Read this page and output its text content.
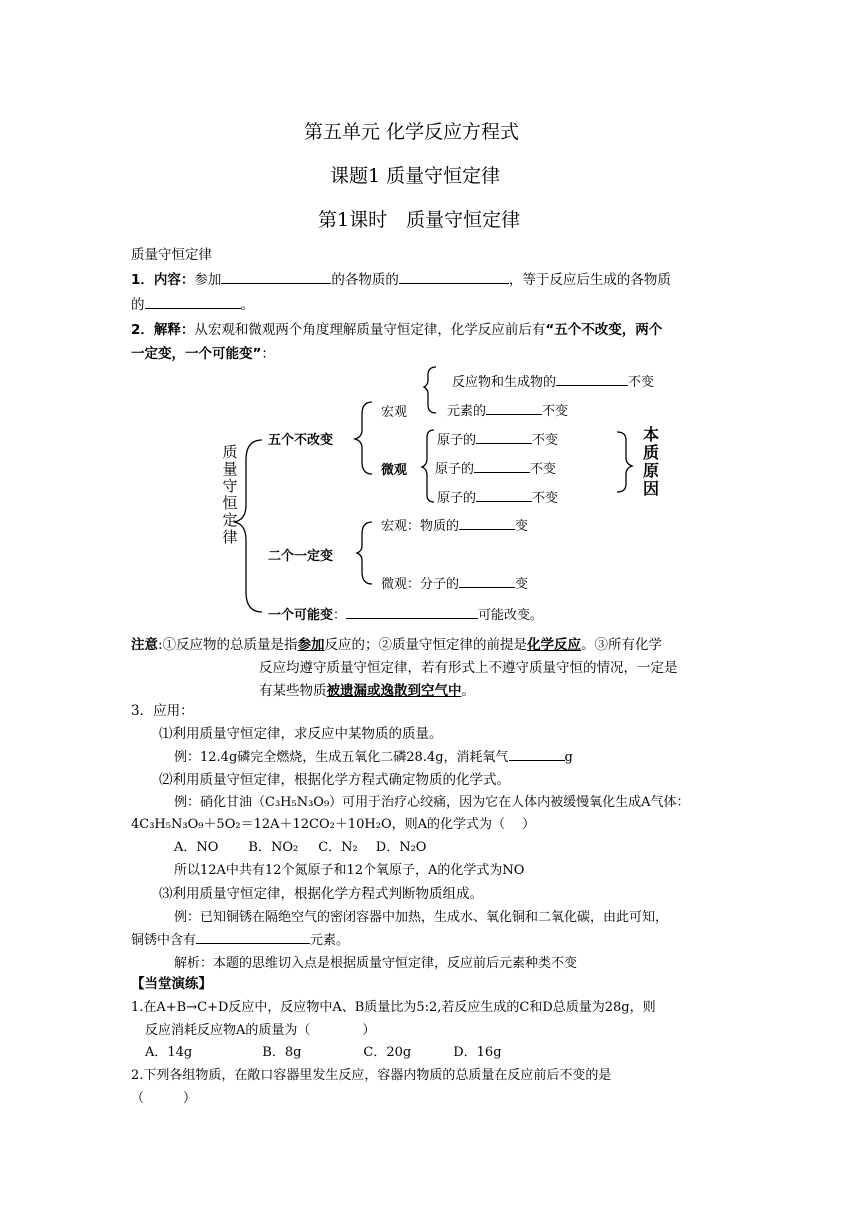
第五单元 化学反应方程式
课题1 质量守恒定律
第1课时　质量守恒定律
质量守恒定律
1．内容：参加	的各物质的	，等于反应后生成的各物质
的	。
2．解释：从宏观和微观两个角度理解质量守恒定律，化学反应前后有“五个不改变，两个
一定变，一个可能变”：
质
量
守
恒
定
律
五个不改变
宏观
微观
反应物和生成物的	不变
元素的	不变
原子的	不变
原子的	不变
原子的	不变
本
质
原
因
二个一定变
宏观：物质的	变
微观：分子的	变
一个可能变：	可能改变。
注意:①反应物的总质量是指参加反应的；②质量守恒定律的前提是化学反应。③所有化学
反应均遵守质量守恒定律，若有形式上不遵守质量守恒的情况，一定是
有某些物质被遗漏或逸散到空气中。
3．应用：
⑴利用质量守恒定律，求反应中某物质的质量。
例：12.4g磷完全燃烧，生成五氧化二磷28.4g，消耗氧气	g
⑵利用质量守恒定律，根据化学方程式确定物质的化学式。
例：硝化甘油（C₃H₅N₃O₉）可用于治疗心绞痛，因为它在人体内被缓慢氧化生成A气体：
4C₃H₅N₃O₉＋5O₂＝12A＋12CO₂＋10H₂O，则A的化学式为（　 ）
A．NO B．NO₂ C．N₂ D．N₂O
所以12A中共有12个氮原子和12个氧原子，A的化学式为NO
⑶利用质量守恒定律，根据化学方程式判断物质组成。
例：已知铜锈在隔绝空气的密闭容器中加热，生成水、氧化铜和二氧化碳，由此可知，
铜锈中含有	元素。
解析：本题的思维切入点是根据质量守恒定律，反应前后元素种类不变
【当堂演练】
1.在A+B→C+D反应中，反应物中A、B质量比为5:2,若反应生成的C和D总质量为28g，则
反应消耗反应物A的质量为（　　　　）
A．14g	B．8g	C．20g	D．16g
2.下列各组物质，在敞口容器里发生反应，容器内物质的总质量在反应前后不变的是
（　　　）
